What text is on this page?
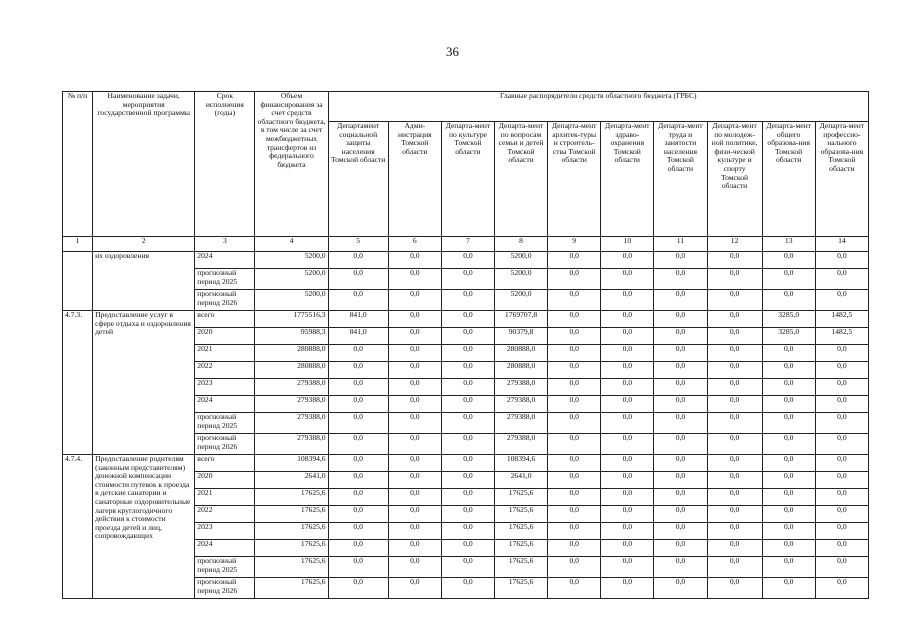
36
№ п/п	Наименование задачи, мероприятия государственной программы	Срок исполнения (годы)	Объем финансирования за счет средств областного бюджета, в том числе за счет межбюджетных трансфертов из федерального бюджета	Главные распорядители средств областного бюджета (ГРБС)									
				Департамент социальной защиты населения Томской области	Адми-нистрация Томской области	Департа-мент по культуре Томской области	Департа-мент по вопросам семьи и детей Томской области	Департа-мент архитек-туры и строитель-ства Томской области	Департа-мент здраво-охранения Томской области	Департа-мент труда и занятости населения Томской области	Департа-мент по молодеж-ной политике, физи-ческой культуре и спорту Томской области	Департа-мент общего образова-ния Томской области	Департа-мент профессио-нального образова-ния Томской области
1	2	3	4	5	6	7	8	9	10	11	12	13	14
	их оздоровления	2024	5200,0	0,0	0,0	0,0	5200,0	0,0	0,0	0,0	0,0	0,0	0,0
		прогнозный период 2025	5200,0	0,0	0,0	0,0	5200,0	0,0	0,0	0,0	0,0	0,0	0,0
		прогнозный период 2026	5200,0	0,0	0,0	0,0	5200,0	0,0	0,0	0,0	0,0	0,0	0,0
4.7.3.	Предоставление услуг в сфере отдыха и оздоровления детей	всего	1775516,3	841,0	0,0	0,0	1769707,8	0,0	0,0	0,0	0,0	3285,0	1482,5
		2020	95988,3	841,0	0,0	0,0	90379,8	0,0	0,0	0,0	0,0	3285,0	1482,5
		2021	280888,0	0,0	0,0	0,0	280888,0	0,0	0,0	0,0	0,0	0,0	0,0
		2022	280888,0	0,0	0,0	0,0	280888,0	0,0	0,0	0,0	0,0	0,0	0,0
		2023	279388,0	0,0	0,0	0,0	279388,0	0,0	0,0	0,0	0,0	0,0	0,0
		2024	279388,0	0,0	0,0	0,0	279388,0	0,0	0,0	0,0	0,0	0,0	0,0
		прогнозный период 2025	279388,0	0,0	0,0	0,0	279388,0	0,0	0,0	0,0	0,0	0,0	0,0
		прогнозный период 2026	279388,0	0,0	0,0	0,0	279388,0	0,0	0,0	0,0	0,0	0,0	0,0
4.7.4.	Предоставление родителям (законным представителям) денежной компенсации стоимости путевок к проезда в детские санатории и санаторные оздоровительные лагеря круглогодичного действия к стоимости проезда детей и лиц, сопровождающих	всего	108394,6	0,0	0,0	0,0	108394,6	0,0	0,0	0,0	0,0	0,0	0,0
		2020	2641,0	0,0	0,0	0,0	2641,0	0,0	0,0	0,0	0,0	0,0	0,0
		2021	17625,6	0,0	0,0	0,0	17625,6	0,0	0,0	0,0	0,0	0,0	0,0
		2022	17625,6	0,0	0,0	0,0	17625,6	0,0	0,0	0,0	0,0	0,0	0,0
		2023	17625,6	0,0	0,0	0,0	17625,6	0,0	0,0	0,0	0,0	0,0	0,0
		2024	17625,6	0,0	0,0	0,0	17625,6	0,0	0,0	0,0	0,0	0,0	0,0
		прогнозный период 2025	17625,6	0,0	0,0	0,0	17625,6	0,0	0,0	0,0	0,0	0,0	0,0
		прогнозный период 2026	17625,6	0,0	0,0	0,0	17625,6	0,0	0,0	0,0	0,0	0,0	0,0
